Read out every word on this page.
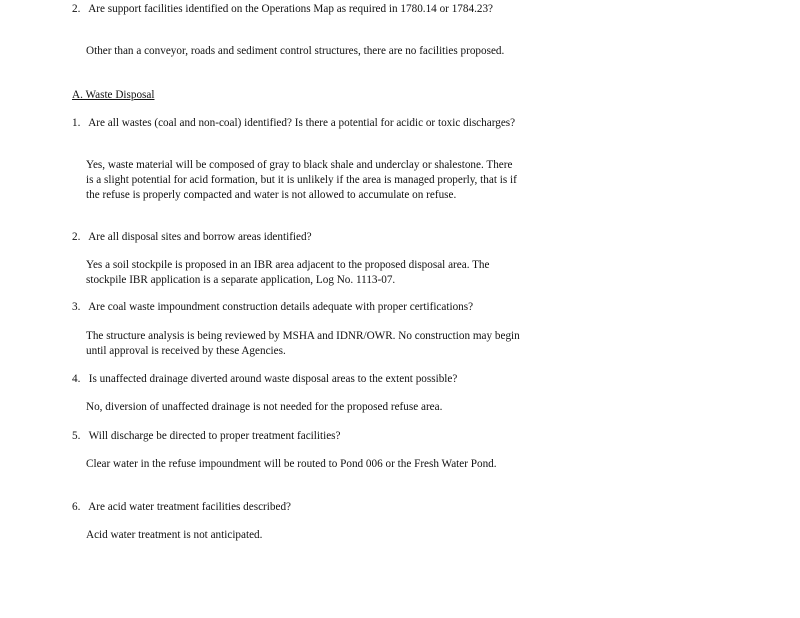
2. Are support facilities identified on the Operations Map as required in 1780.14 or 1784.23?
Other than a conveyor, roads and sediment control structures, there are no facilities proposed.
A. Waste Disposal
1. Are all wastes (coal and non-coal) identified? Is there a potential for acidic or toxic discharges?
Yes, waste material will be composed of gray to black shale and underclay or shalestone. There is a slight potential for acid formation, but it is unlikely if the area is managed properly, that is if the refuse is properly compacted and water is not allowed to accumulate on refuse.
2. Are all disposal sites and borrow areas identified?
Yes a soil stockpile is proposed in an IBR area adjacent to the proposed disposal area. The stockpile IBR application is a separate application, Log No. 1113-07.
3. Are coal waste impoundment construction details adequate with proper certifications?
The structure analysis is being reviewed by MSHA and IDNR/OWR. No construction may begin until approval is received by these Agencies.
4. Is unaffected drainage diverted around waste disposal areas to the extent possible?
No, diversion of unaffected drainage is not needed for the proposed refuse area.
5. Will discharge be directed to proper treatment facilities?
Clear water in the refuse impoundment will be routed to Pond 006 or the Fresh Water Pond.
6. Are acid water treatment facilities described?
Acid water treatment is not anticipated.
